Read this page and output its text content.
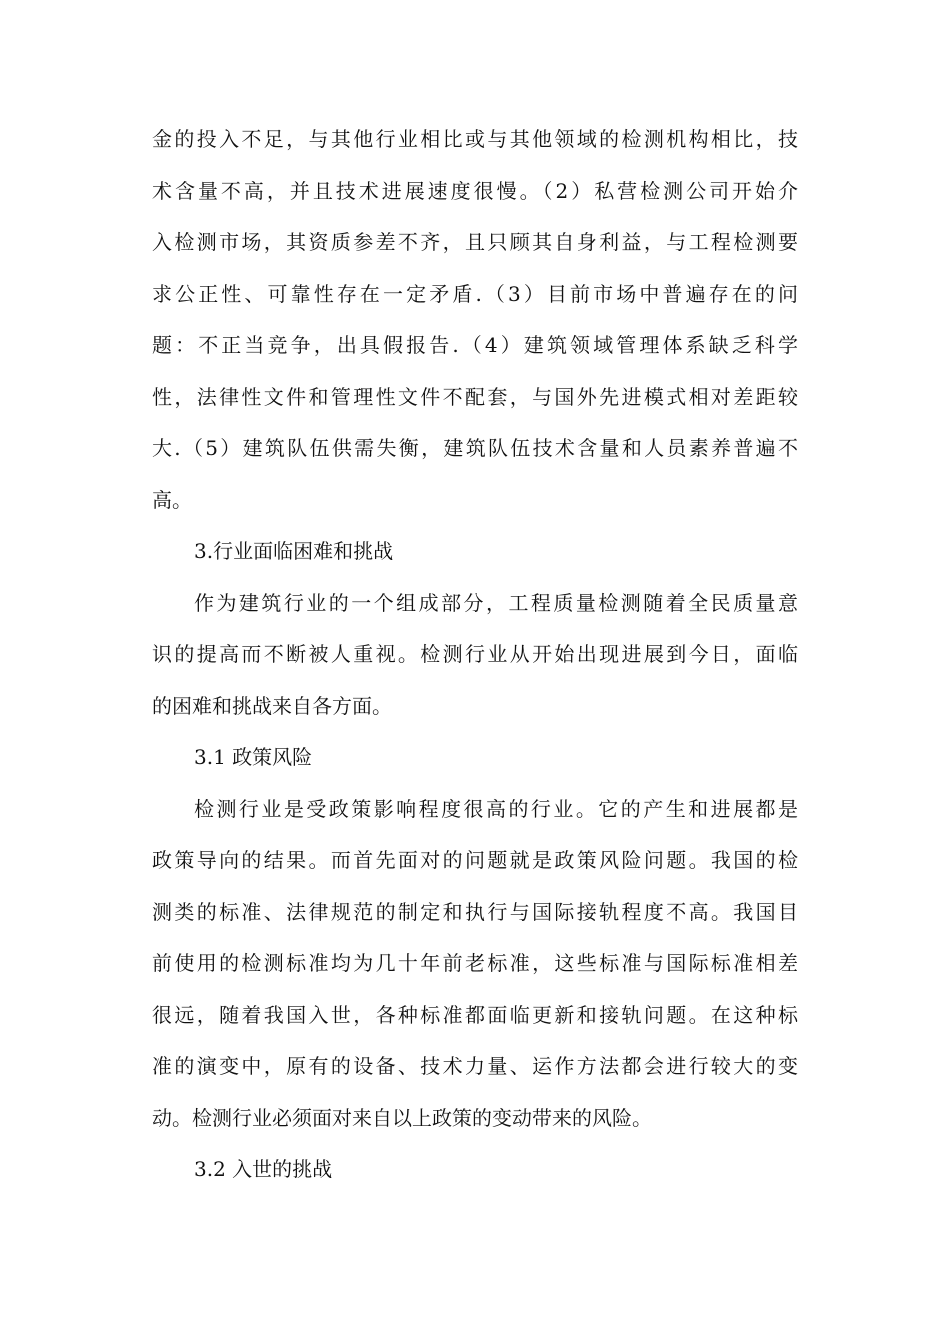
金的投入不足，与其他行业相比或与其他领域的检测机构相比，技
术含量不高，并且技术进展速度很慢。（2）私营检测公司开始介
入检测市场，其资质参差不齐，且只顾其自身利益，与工程检测要
求公正性、可靠性存在一定矛盾.（3）目前市场中普遍存在的问
题：不正当竞争，出具假报告.（4）建筑领域管理体系缺乏科学
性，法律性文件和管理性文件不配套，与国外先进模式相对差距较
大.（5）建筑队伍供需失衡，建筑队伍技术含量和人员素养普遍不
高。
3.行业面临困难和挑战
作为建筑行业的一个组成部分，工程质量检测随着全民质量意
识的提高而不断被人重视。检测行业从开始出现进展到今日，面临
的困难和挑战来自各方面。
3.1 政策风险
检测行业是受政策影响程度很高的行业。它的产生和进展都是
政策导向的结果。而首先面对的问题就是政策风险问题。我国的检
测类的标准、法律规范的制定和执行与国际接轨程度不高。我国目
前使用的检测标准均为几十年前老标准，这些标准与国际标准相差
很远，随着我国入世，各种标准都面临更新和接轨问题。在这种标
准的演变中，原有的设备、技术力量、运作方法都会进行较大的变
动。检测行业必须面对来自以上政策的变动带来的风险。
3.2 入世的挑战
